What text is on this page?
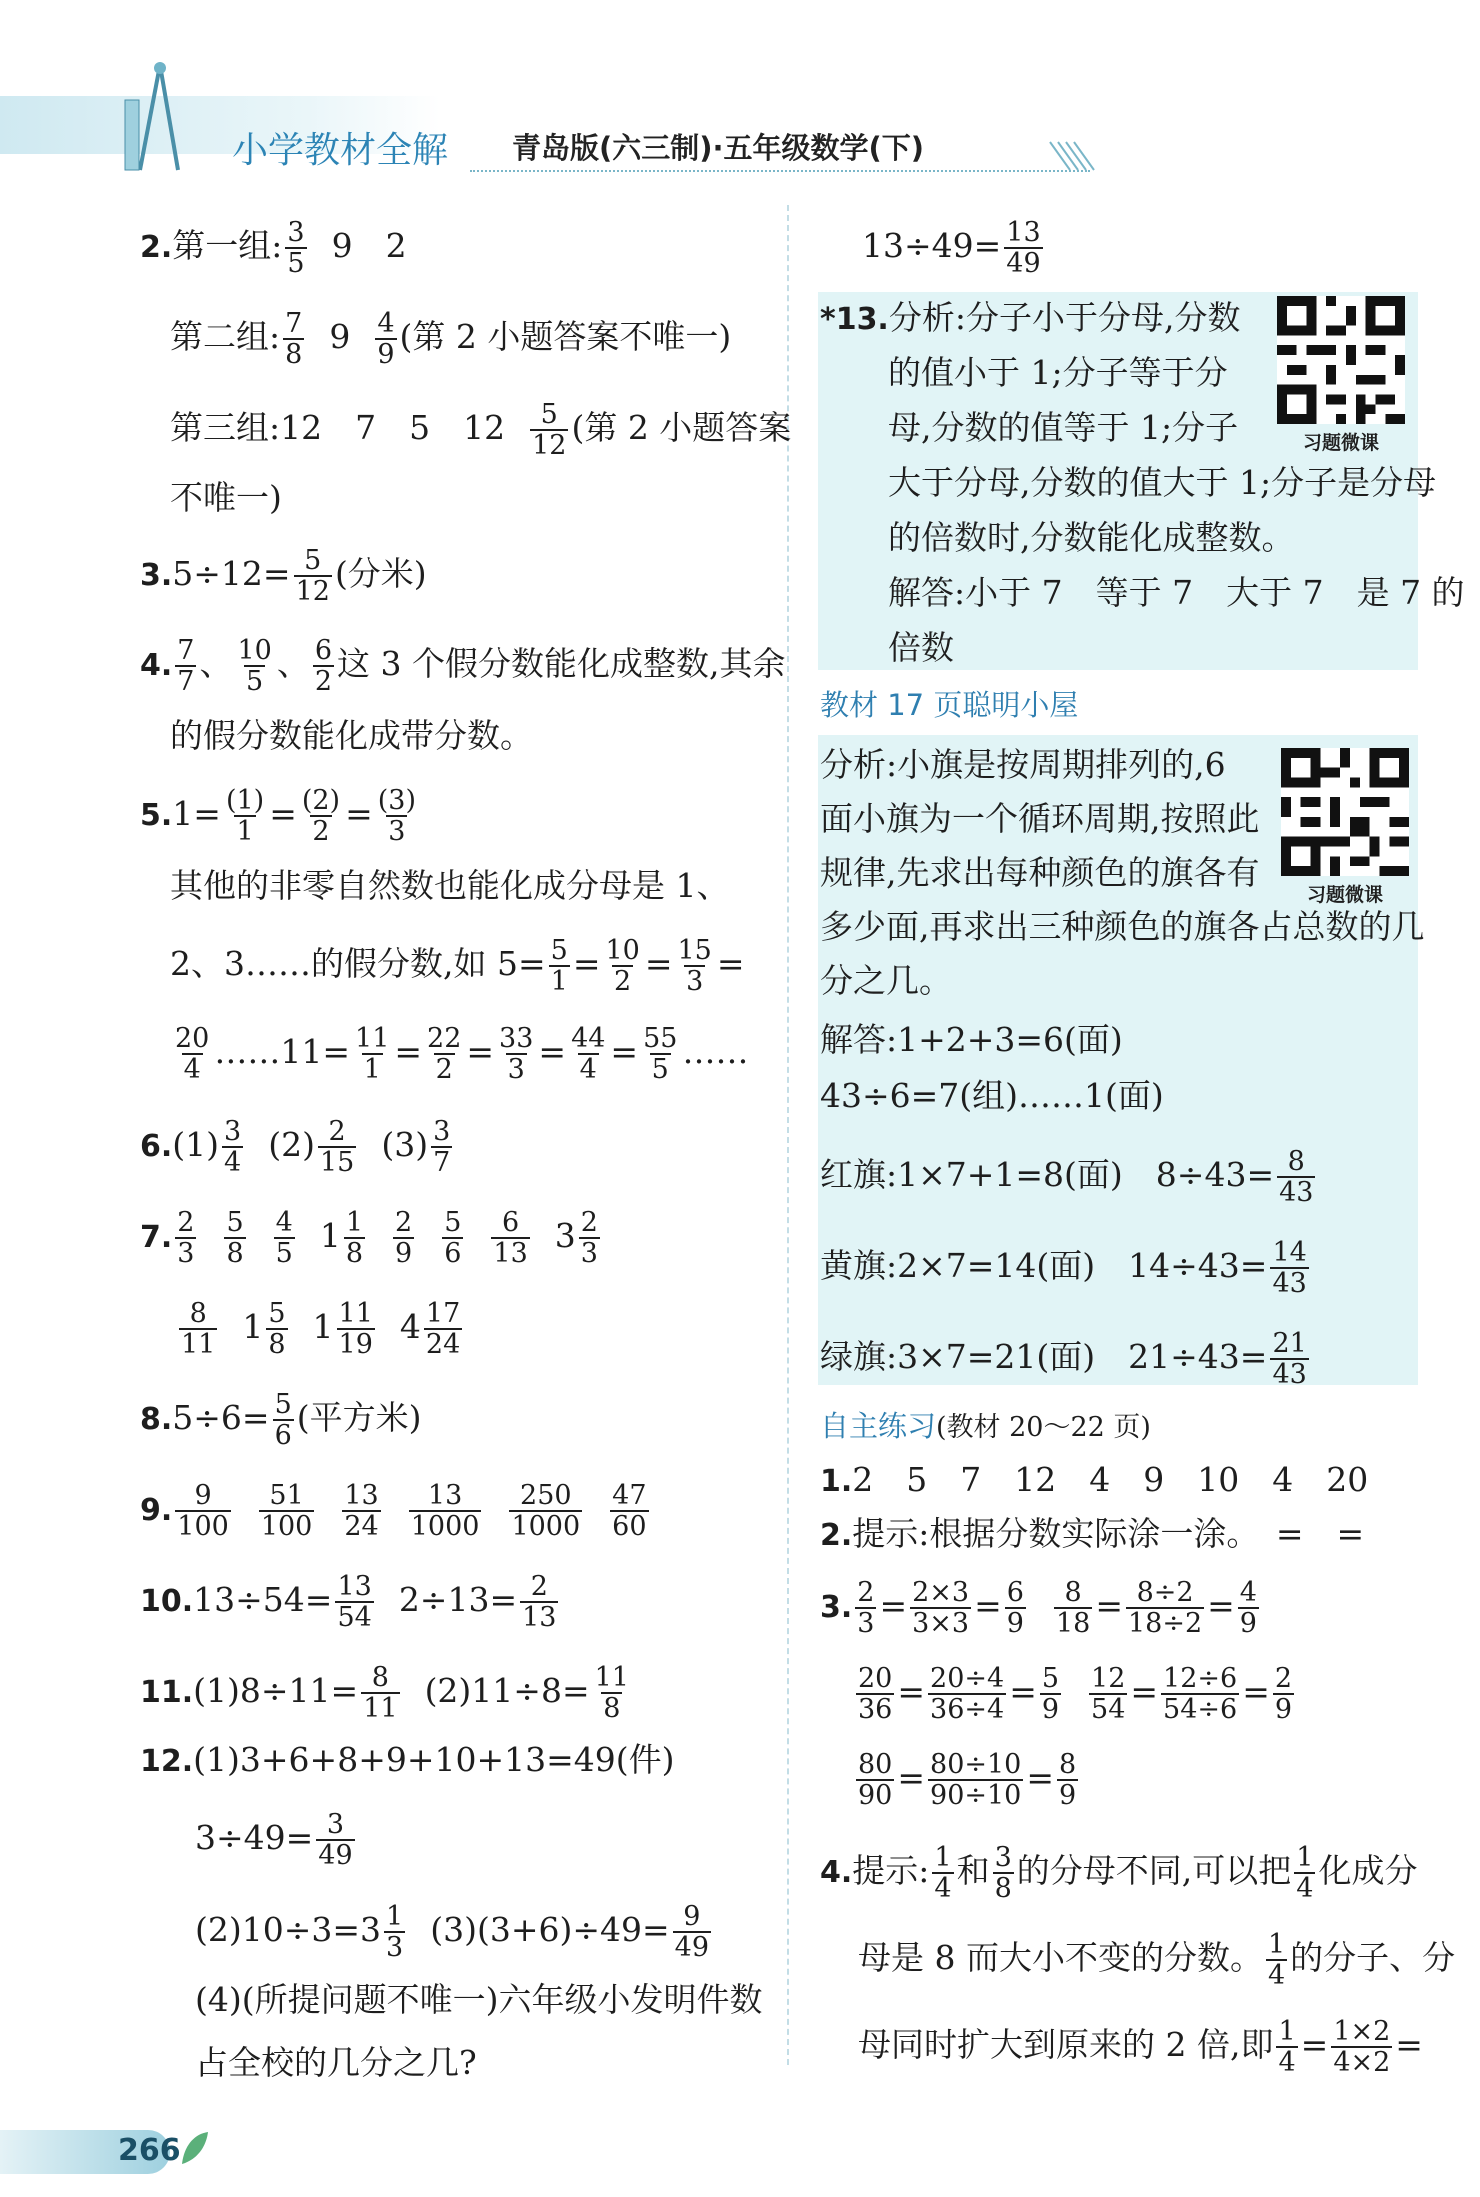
小学教材全解 青岛版(六三制)·五年级数学(下)
2.第一组: $\frac{3}{5} 9$　2
第二组: $\frac{7}{8} 9 \frac{4}{9}$ (第 2 小题答案不唯一)
第三组:12　7　5　$12 \frac{5}{12}$ (第 2 小题答案
不唯一)
$3.5\div 12= \frac{5}{12}$ (分米)
4. $\frac{7}{7}$ 、 $\frac{10}{5}$ 、 $\frac{6}{2}$ 这 3 个假分数能化成整数,其余
的假分数能化成带分数。
$5.1= \frac{(1)}{1} = \frac{(2)}{2} = \frac{(3)}{3}$
其他的非零自然数也能化成分母是 1、
2、3……的假分数,如 $5= \frac{5}{1} = \frac{10}{2} = \frac{15}{3}$ =
$\frac{20}{4}$ ……11= $\frac{11}{1} = \frac{22}{2} = \frac{33}{3} = \frac{44}{4} = \frac{55}{5}$ ……
$6.(1) \frac{3}{4} (2) \frac{2}{15} (3) \frac{3}{7}$
7. $\frac{2}{3} \frac{5}{8} \frac{4}{5} 1 \frac{1}{8} \frac{2}{9} \frac{5}{6} \frac{6}{13} 3 \frac{2}{3}$
$\frac{8}{11} 1 \frac{5}{8} 1 \frac{11}{19} 4 \frac{17}{24}$
$8.5\div 6= \frac{5}{6}$ (平方米)
9. $\frac{9}{100} \frac{51}{100} \frac{13}{24} \frac{13}{1000} \frac{250}{1000} \frac{47}{60}$
$10.13\div 54= \frac{13}{54} 2\div 13= \frac{2}{13}$
$11.(1)8\div 11= \frac{8}{11} (2)11\div 8= \frac{11}{8}$
12.(1)3+6+8+9+10+13=49(件)
$3\div 49= \frac{3}{49}$
$(2)10\div 3=3 \frac{1}{3} (3)(3+6)\div 49= \frac{9}{49}$
(4)(所提问题不唯一)六年级小发明件数
占全校的几分之几?
266
$13\div 49= \frac{13}{49}$
*13.分析:分子小于分母,分数
的值小于 1;分子等于分
母,分数的值等于 1;分子
大于分母,分数的值大于 1;分子是分母
的倍数时,分数能化成整数。
解答:小于 7　等于 7　大于 7　是 7 的
倍数
习题微课
教材 17 页聪明小屋
分析:小旗是按周期排列的,6
面小旗为一个循环周期,按照此
规律,先求出每种颜色的旗各有
多少面,再求出三种颜色的旗各占总数的几
分之几。
解答:1+2+3=6(面)
43÷6=7(组)……1(面)
红旗:1×7+1=8(面)　$8\div 43= \frac{8}{43}$
黄旗:2×7=14(面)　$14\div 43= \frac{14}{43}$
绿旗:3×7=21(面)　$21\div 43= \frac{21}{43}$
习题微课
自主练习(教材 20～22 页)
1.2　5　7　12　4　9　10　4　20
2.提示:根据分数实际涂一涂。　=　=
3. $\frac{2}{3} = \frac{2\times 3}{3\times 3} = \frac{6}{9} \frac{8}{18} = \frac{8\div 2}{18\div 2} = \frac{4}{9}$
$\frac{20}{36} = \frac{20\div 4}{36\div 4} = \frac{5}{9} \frac{12}{54} = \frac{12\div 6}{54\div 6} = \frac{2}{9}$
$\frac{80}{90} = \frac{80\div 10}{90\div 10} = \frac{8}{9}$
4.提示: $\frac{1}{4}$ 和 $\frac{3}{8}$ 的分母不同,可以把 $\frac{1}{4}$ 化成分
母是 8 而大小不变的分数。 $\frac{1}{4}$ 的分子、分
母同时扩大到原来的 2 倍,即 $\frac{1}{4} = \frac{1\times 2}{4\times 2}$ =
